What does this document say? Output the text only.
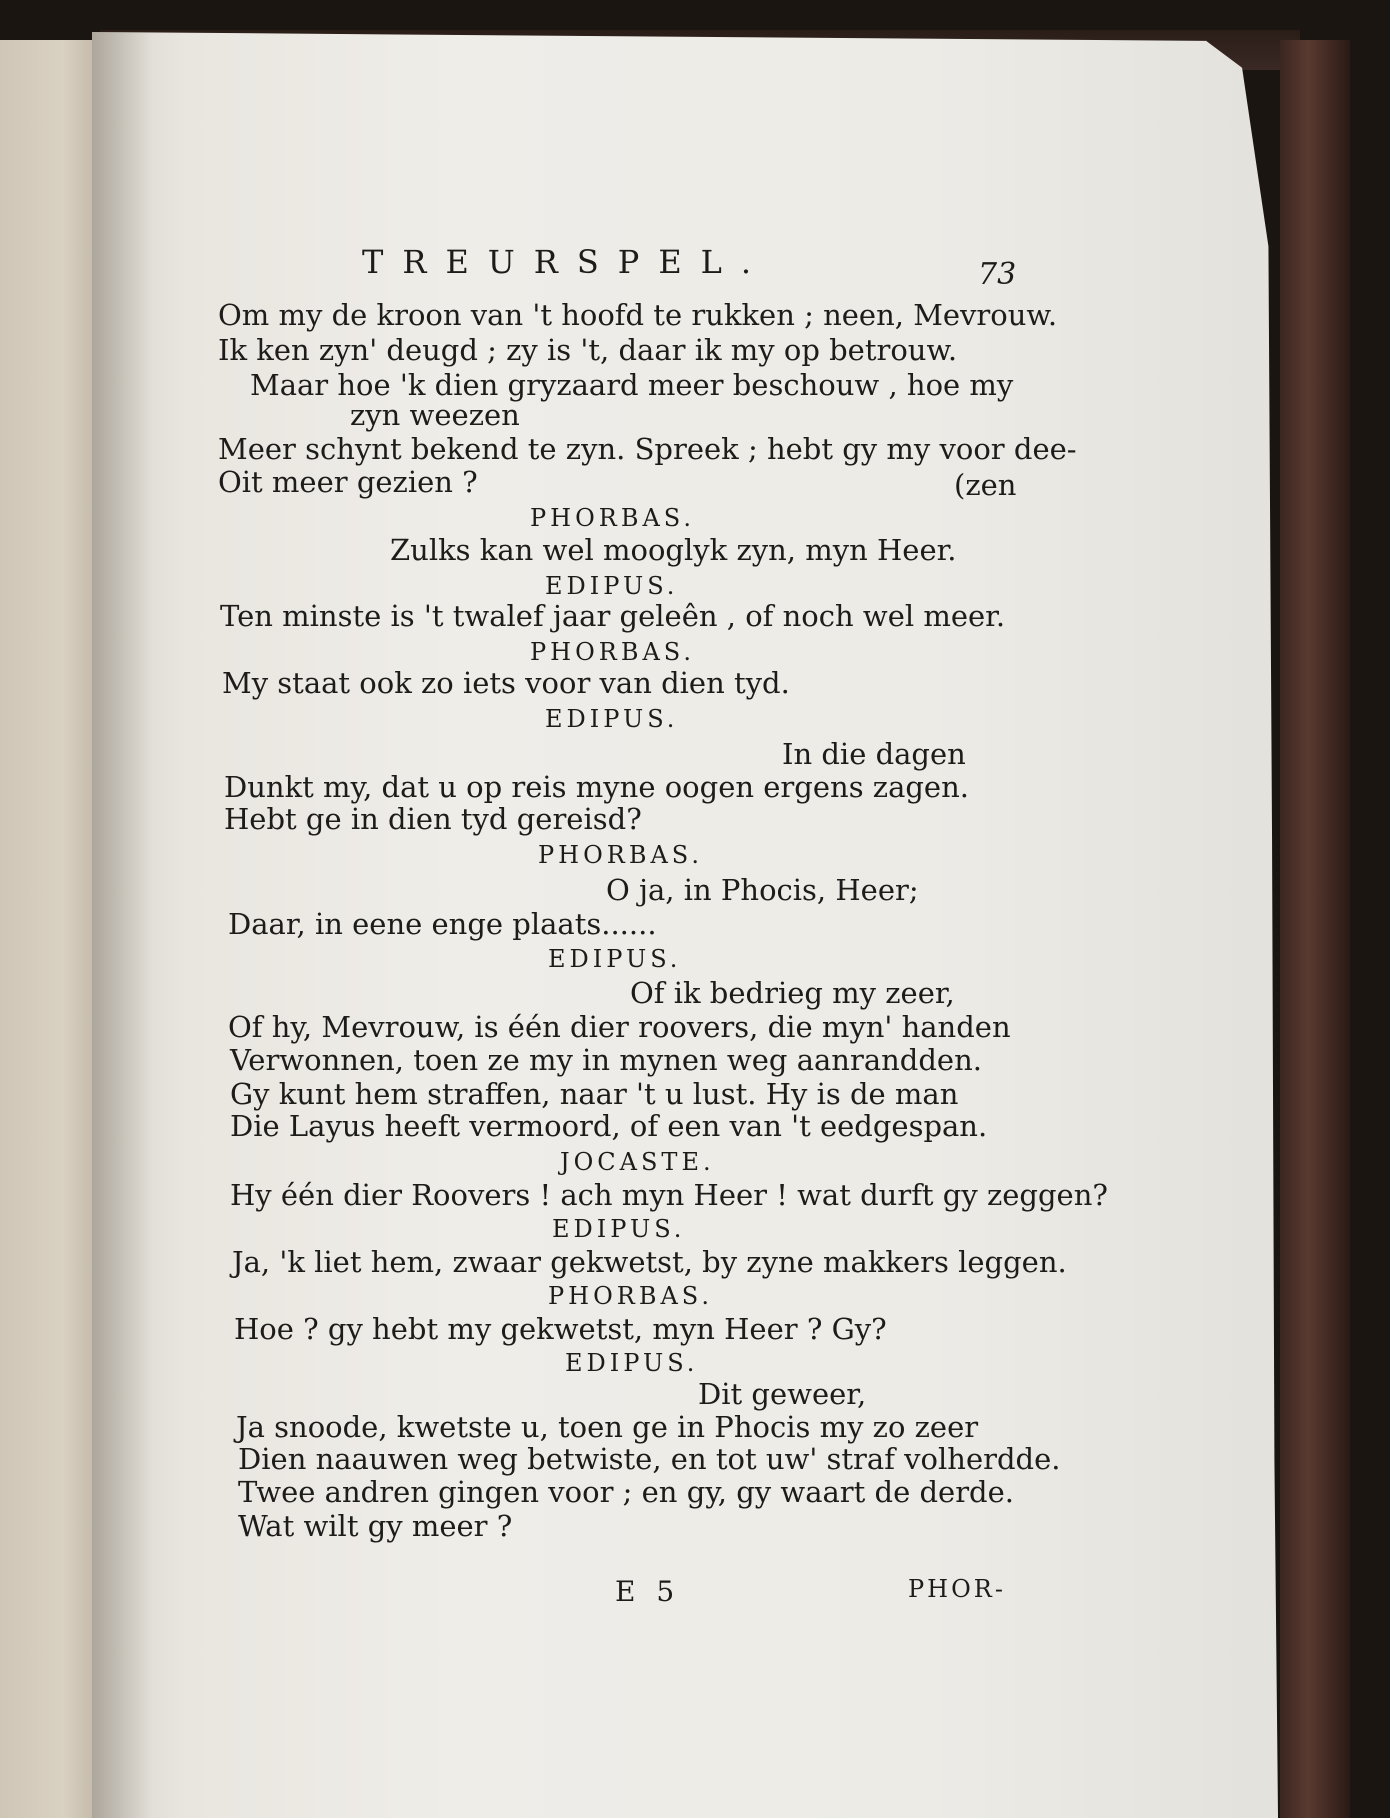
TREURSPEL.	73
Om my de kroon van 't hoofd te rukken ; neen, Mevrouw.
Ik ken zyn' deugd ; zy is 't, daar ik my op betrouw.
Maar hoe 'k dien gryzaard meer beschouw , hoe my
zyn weezen
Meer schynt bekend te zyn. Spreek ; hebt gy my voor dee-
Oit meer gezien ?	(zen
PHORBAS.
Zulks kan wel mooglyk zyn, myn Heer.
EDIPUS.
Ten minste is 't twalef jaar geleên , of noch wel meer.
PHORBAS.
My staat ook zo iets voor van dien tyd.
EDIPUS.
In die dagen
Dunkt my, dat u op reis myne oogen ergens zagen.
Hebt ge in dien tyd gereisd?
PHORBAS.
O ja, in Phocis, Heer;
Daar, in eene enge plaats......
EDIPUS.
Of ik bedrieg my zeer,
Of hy, Mevrouw, is één dier roovers, die myn' handen
Verwonnen, toen ze my in mynen weg aanrandden.
Gy kunt hem straffen, naar 't u lust. Hy is de man
Die Layus heeft vermoord, of een van 't eedgespan.
JOCASTE.
Hy één dier Roovers ! ach myn Heer ! wat durft gy zeggen?
EDIPUS.
Ja, 'k liet hem, zwaar gekwetst, by zyne makkers leggen.
PHORBAS.
Hoe ? gy hebt my gekwetst, myn Heer ? Gy?
EDIPUS.
Dit geweer,
Ja snoode, kwetste u, toen ge in Phocis my zo zeer
Dien naauwen weg betwiste, en tot uw' straf volherdde.
Twee andren gingen voor ; en gy, gy waart de derde.
Wat wilt gy meer ?
E 5	PHOR-
